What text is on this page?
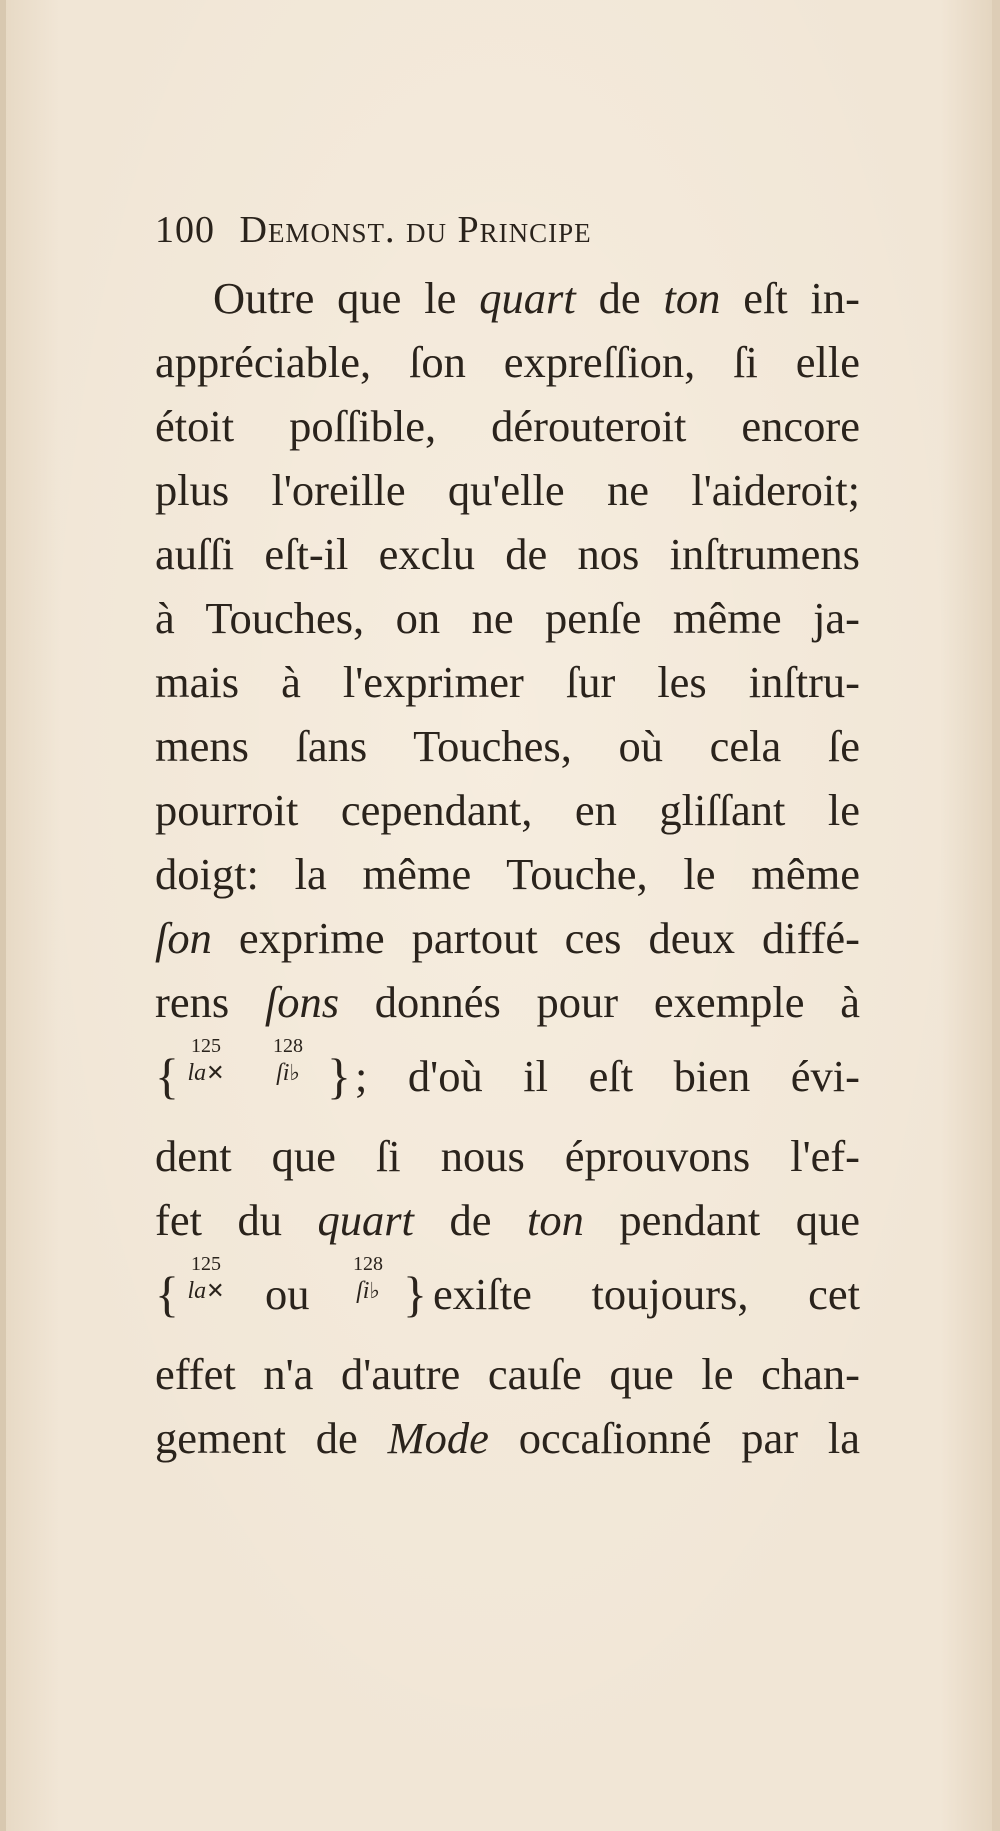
100 Demonst. du Principe
Outre que le quart de ton eſt in-
appréciable, ſon expreſſion, ſi elle
étoit poſſible, dérouteroit encore
plus l'oreille qu'elle ne l'aideroit;
auſſi eſt-il exclu de nos inſtrumens
à Touches, on ne penſe même ja-
mais à l'exprimer ſur les inſtru-
mens ſans Touches, où cela ſe
pourroit cependant, en gliſſant le
doigt: la même Touche, le même
ſon exprime partout ces deux diffé-
rens ſons donnés pour exemple à
{
125
la✕
128
ſi♭ } ; d'où il eſt bien évi-
dent que ſi nous éprouvons l'ef-
fet du quart de ton pendant que
{
125
la✕ ou
128
ſi♭ } exiſte toujours, cet
effet n'a d'autre cauſe que le chan-
gement de Mode occaſionné par la
